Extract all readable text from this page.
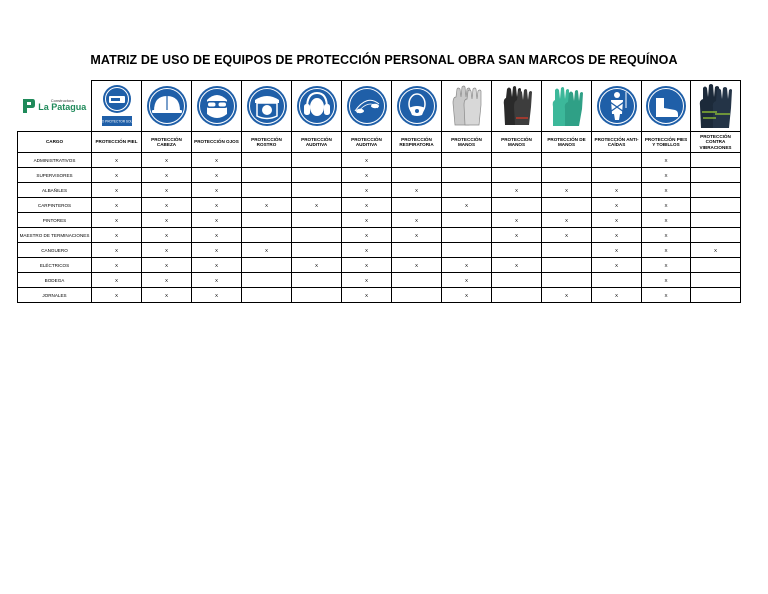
MATRIZ DE USO DE EQUIPOS DE PROTECCIÓN PERSONAL OBRA SAN MARCOS DE REQUÍNOA
Constructora
La Patagua	USO PROTECTOR SOLAR

CARGO	PROTECCIÓN PIEL	PROTECCIÓN CABEZA	PROTECCIÓN OJOS	PROTECCIÓN ROSTRO	PROTECCIÓN AUDITIVA	PROTECCIÓN AUDITIVA	PROTECCIÓN RESPIRATORIA	PROTECCIÓN MANOS	PROTECCIÓN MANOS	PROTECCIÓN DE MANOS	PROTECCIÓN ANTI-CAÍDAS	PROTECCIÓN PIES Y TOBILLOS	PROTECCIÓN CONTRA VIBRACIONES
ADMINISTRATIVOS	X	X	X			X						X	
SUPERVISORES	X	X	X			X						X	
ALBAÑILES	X	X	X			X	X		X	X	X	X	
CARPINTEROS	X	X	X	X	X	X		X			X	X	
PINTORES	X	X	X			X	X		X	X	X	X	
MAESTRO DE TERMINACIONES	X	X	X			X	X		X	X	X	X	
CANGUERO	X	X	X	X		X					X	X	X
ELÉCTRICOS	X	X	X		X	X	X	X	X		X	X	
BODEGA	X	X	X			X		X				X	
JORNALES	X	X	X			X		X		X	X	X	
